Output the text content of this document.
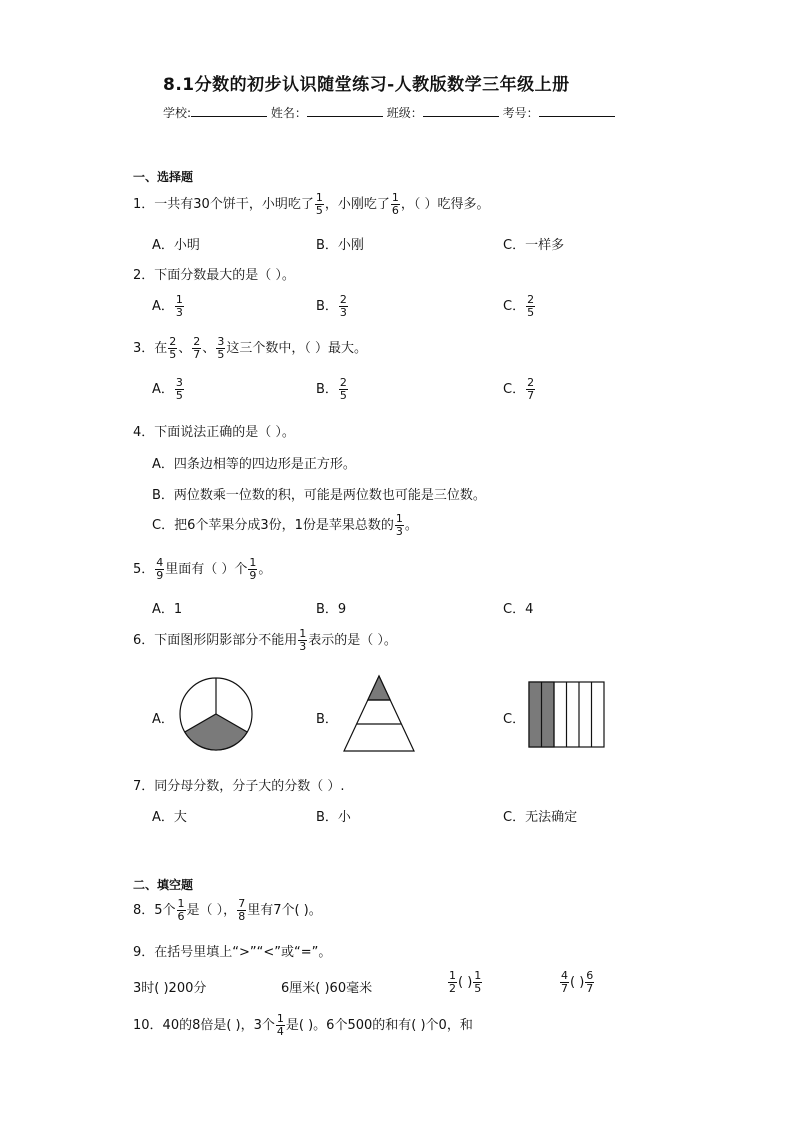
8.1分数的初步认识随堂练习-人教版数学三年级上册
学校:	姓名：	班级：	考号：
一、选择题
1．一共有30个饼干，小明吃了 $\frac{1}{5}$ ，小刚吃了 $\frac{1}{6}$ ，（ ）吃得多。
A．小明	B．小刚	C．一样多
2．下面分数最大的是（ ）。
A． $\frac{1}{3}$	B． $\frac{2}{3}$	C． $\frac{2}{5}$
3．在 $\frac{2}{5}$ 、 $\frac{2}{7}$ 、 $\frac{3}{5}$ 这三个数中，（ ）最大。
A． $\frac{3}{5}$	B． $\frac{2}{5}$	C． $\frac{2}{7}$
4．下面说法正确的是（ ）。
A．四条边相等的四边形是正方形。
B．两位数乘一位数的积，可能是两位数也可能是三位数。
C．把6个苹果分成3份，1份是苹果总数的 $\frac{1}{3}$ 。
5． $\frac{4}{9}$ 里面有（ ）个 $\frac{1}{9}$ 。
A．1	B．9	C．4
6．下面图形阴影部分不能用 $\frac{1}{3}$ 表示的是（ ）。
A．	B．	C．
7．同分母分数，分子大的分数（ ）.
A．大	B．小	C．无法确定
二、填空题
8．5个 $\frac{1}{6}$ 是（ ）， $\frac{7}{8}$ 里有7个( )。
9．在括号里填上“>”“<”或“=”。
3时( )200分	6厘米( )60毫米	$\frac{1}{2}$ ( ) $\frac{1}{5}$	$\frac{4}{7}$ ( ) $\frac{6}{7}$
10．40的8倍是( )，3个 $\frac{1}{4}$ 是( )。6个500的和有( )个0，和
